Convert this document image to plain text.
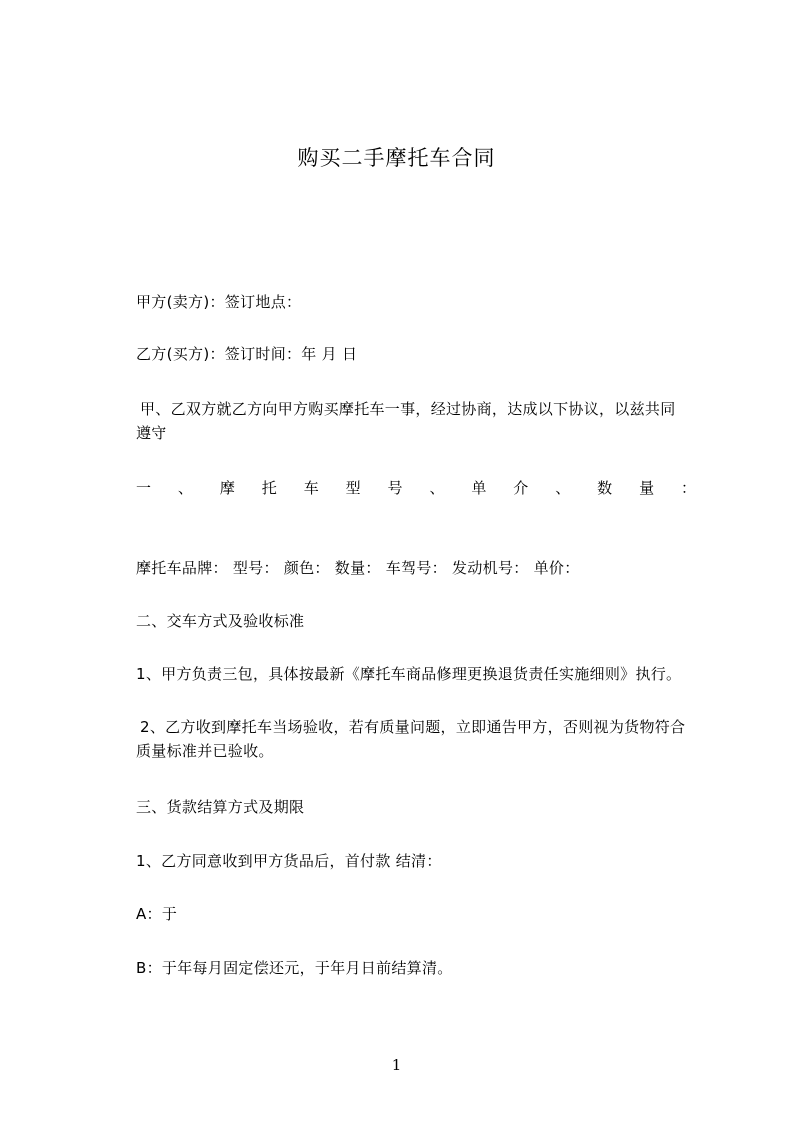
购买二手摩托车合同
甲方(卖方)：签订地点：
乙方(买方)：签订时间：年 月 日
甲、乙双方就乙方向甲方购买摩托车一事，经过协商，达成以下协议，以兹共同
遵守
一 、 摩 托 车 型 号 、 单 介 、 数 量 ：
摩托车品牌： 型号： 颜色： 数量： 车驾号： 发动机号： 单价：
二、交车方式及验收标准
1、甲方负责三包，具体按最新《摩托车商品修理更换退货责任实施细则》执行。
2、乙方收到摩托车当场验收，若有质量问题，立即通告甲方，否则视为货物符合
质量标准并已验收。
三、货款结算方式及期限
1、乙方同意收到甲方货品后，首付款 结清：
A：于
B：于年每月固定偿还元，于年月日前结算清。
1
